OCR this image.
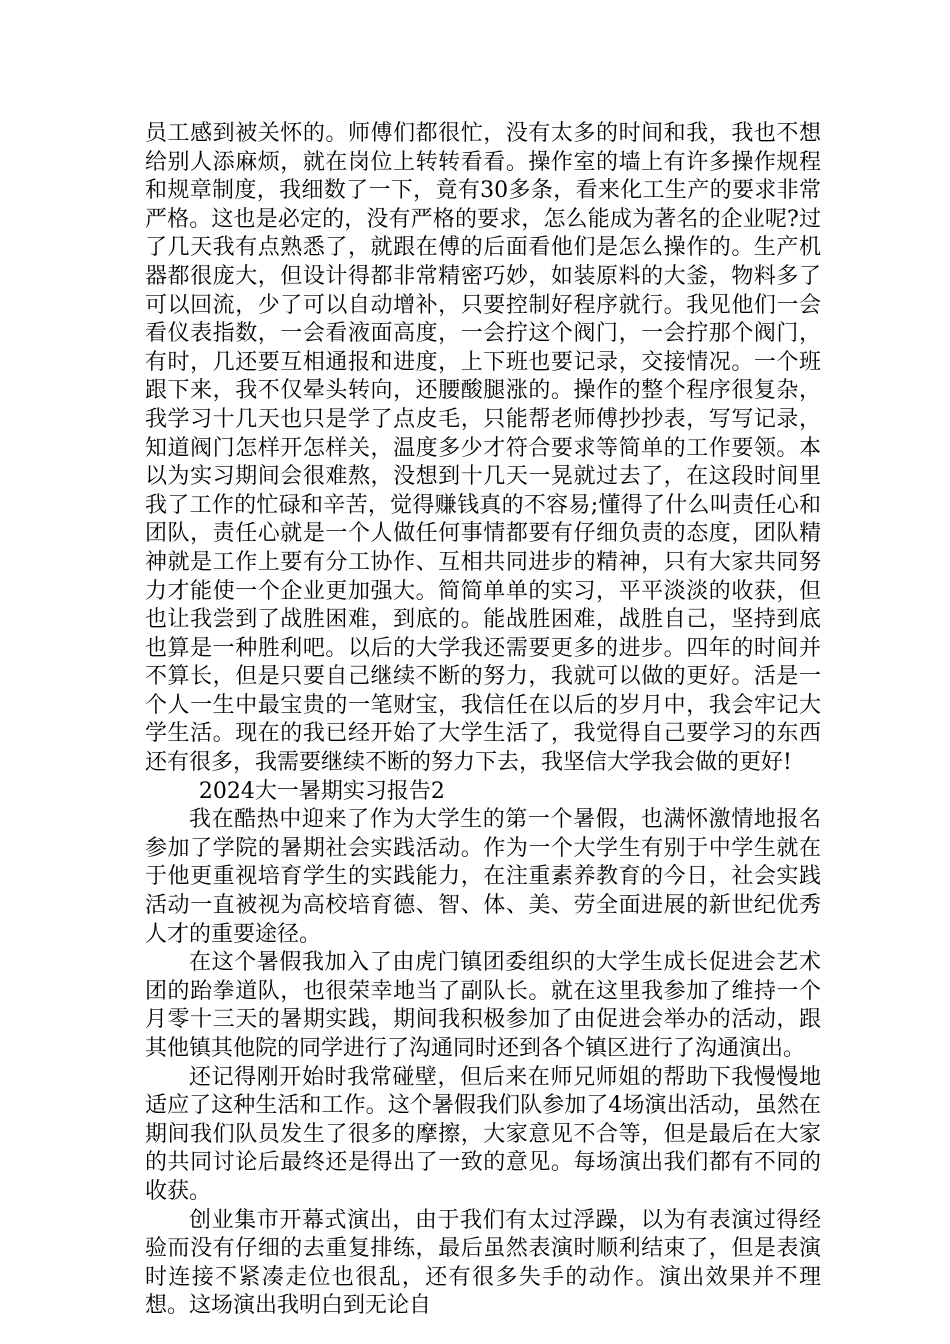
员工感到被关怀的。师傅们都很忙，没有太多的时间和我，我也不想给别人添麻烦，就在岗位上转转看看。操作室的墙上有许多操作规程和规章制度，我细数了一下，竟有30多条，看来化工生产的要求非常严格。这也是必定的，没有严格的要求，怎么能成为著名的企业呢?过了几天我有点熟悉了，就跟在傅的后面看他们是怎么操作的。生产机器都很庞大，但设计得都非常精密巧妙，如装原料的大釜，物料多了可以回流，少了可以自动增补，只要控制好程序就行。我见他们一会看仪表指数，一会看液面高度，一会拧这个阀门，一会拧那个阀门，有时，几还要互相通报和进度，上下班也要记录，交接情况。一个班跟下来，我不仅晕头转向，还腰酸腿涨的。操作的整个程序很复杂，我学习十几天也只是学了点皮毛，只能帮老师傅抄抄表，写写记录，知道阀门怎样开怎样关，温度多少才符合要求等简单的工作要领。本以为实习期间会很难熬，没想到十几天一晃就过去了，在这段时间里我了工作的忙碌和辛苦，觉得赚钱真的不容易;懂得了什么叫责任心和团队，责任心就是一个人做任何事情都要有仔细负责的态度，团队精神就是工作上要有分工协作、互相共同进步的精神，只有大家共同努力才能使一个企业更加强大。简简单单的实习，平平淡淡的收获，但也让我尝到了战胜困难，到底的。能战胜困难，战胜自己，坚持到底也算是一种胜利吧。以后的大学我还需要更多的进步。四年的时间并不算长，但是只要自己继续不断的努力，我就可以做的更好。活是一个人一生中最宝贵的一笔财宝，我信任在以后的岁月中，我会牢记大学生活。现在的我已经开始了大学生活了，我觉得自己要学习的东西还有很多，我需要继续不断的努力下去，我坚信大学我会做的更好!

2024大一暑期实习报告2

我在酷热中迎来了作为大学生的第一个暑假，也满怀激情地报名参加了学院的暑期社会实践活动。作为一个大学生有别于中学生就在于他更重视培育学生的实践能力，在注重素养教育的今日，社会实践活动一直被视为高校培育德、智、体、美、劳全面进展的新世纪优秀人才的重要途径。

在这个暑假我加入了由虎门镇团委组织的大学生成长促进会艺术团的跆拳道队，也很荣幸地当了副队长。就在这里我参加了维持一个月零十三天的暑期实践，期间我积极参加了由促进会举办的活动，跟其他镇其他院的同学进行了沟通同时还到各个镇区进行了沟通演出。

还记得刚开始时我常碰壁，但后来在师兄师姐的帮助下我慢慢地适应了这种生活和工作。这个暑假我们队参加了4场演出活动，虽然在期间我们队员发生了很多的摩擦，大家意见不合等，但是最后在大家的共同讨论后最终还是得出了一致的意见。每场演出我们都有不同的收获。

创业集市开幕式演出，由于我们有太过浮躁，以为有表演过得经验而没有仔细的去重复排练，最后虽然表演时顺利结束了，但是表演时连接不紧凑走位也很乱，还有很多失手的动作。演出效果并不理想。这场演出我明白到无论自
